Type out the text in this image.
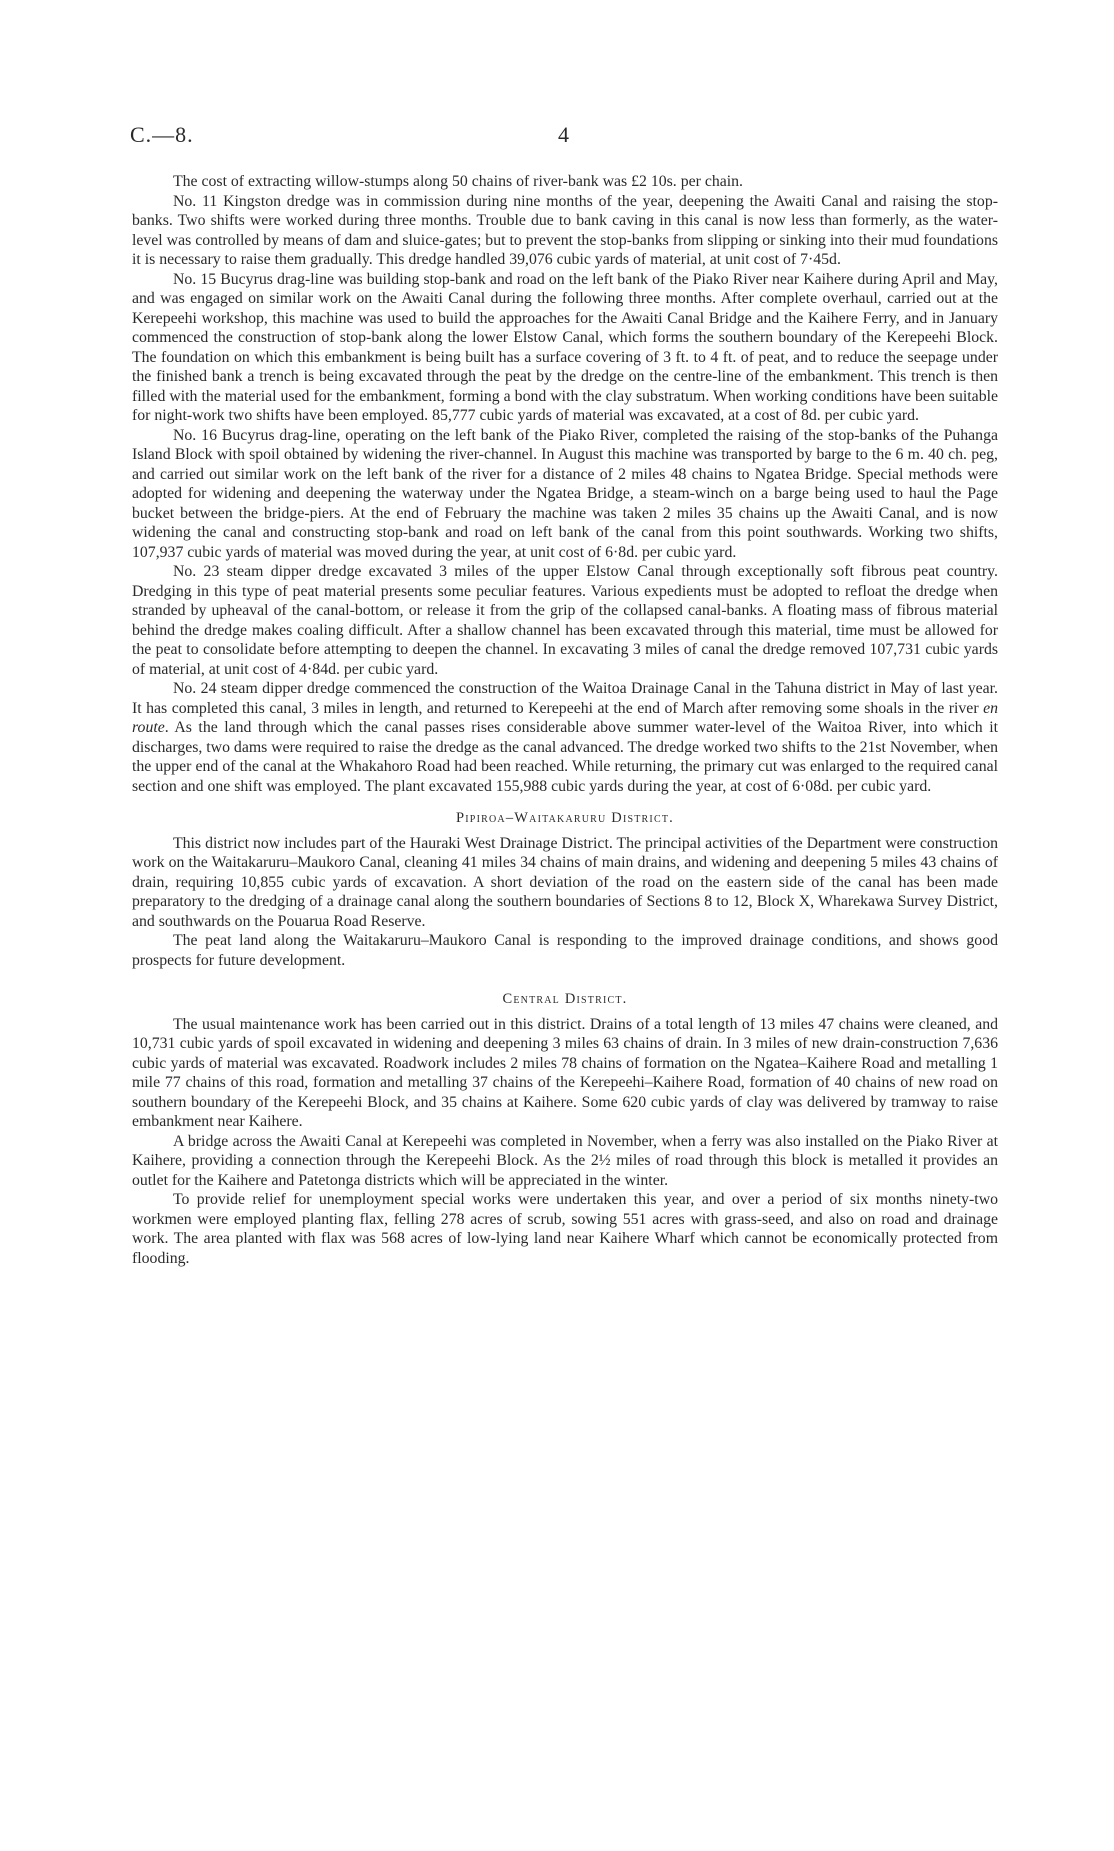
C.—8.	4

The cost of extracting willow-stumps along 50 chains of river-bank was £2 10s. per chain.

No. 11 Kingston dredge was in commission during nine months of the year, deepening the Awaiti Canal and raising the stop-banks. Two shifts were worked during three months. Trouble due to bank caving in this canal is now less than formerly, as the water-level was controlled by means of dam and sluice-gates; but to prevent the stop-banks from slipping or sinking into their mud foundations it is necessary to raise them gradually. This dredge handled 39,076 cubic yards of material, at unit cost of 7·45d.

No. 15 Bucyrus drag-line was building stop-bank and road on the left bank of the Piako River near Kaihere during April and May, and was engaged on similar work on the Awaiti Canal during the following three months. After complete overhaul, carried out at the Kerepeehi workshop, this machine was used to build the approaches for the Awaiti Canal Bridge and the Kaihere Ferry, and in January commenced the construction of stop-bank along the lower Elstow Canal, which forms the southern boundary of the Kerepeehi Block. The foundation on which this embankment is being built has a surface covering of 3 ft. to 4 ft. of peat, and to reduce the seepage under the finished bank a trench is being excavated through the peat by the dredge on the centre-line of the embankment. This trench is then filled with the material used for the embankment, forming a bond with the clay substratum. When working conditions have been suitable for night-work two shifts have been employed. 85,777 cubic yards of material was excavated, at a cost of 8d. per cubic yard.

No. 16 Bucyrus drag-line, operating on the left bank of the Piako River, completed the raising of the stop-banks of the Puhanga Island Block with spoil obtained by widening the river-channel. In August this machine was transported by barge to the 6 m. 40 ch. peg, and carried out similar work on the left bank of the river for a distance of 2 miles 48 chains to Ngatea Bridge. Special methods were adopted for widening and deepening the waterway under the Ngatea Bridge, a steam-winch on a barge being used to haul the Page bucket between the bridge-piers. At the end of February the machine was taken 2 miles 35 chains up the Awaiti Canal, and is now widening the canal and constructing stop-bank and road on left bank of the canal from this point southwards. Working two shifts, 107,937 cubic yards of material was moved during the year, at unit cost of 6·8d. per cubic yard.

No. 23 steam dipper dredge excavated 3 miles of the upper Elstow Canal through exceptionally soft fibrous peat country. Dredging in this type of peat material presents some peculiar features. Various expedients must be adopted to refloat the dredge when stranded by upheaval of the canal-bottom, or release it from the grip of the collapsed canal-banks. A floating mass of fibrous material behind the dredge makes coaling difficult. After a shallow channel has been excavated through this material, time must be allowed for the peat to consolidate before attempting to deepen the channel. In excavating 3 miles of canal the dredge removed 107,731 cubic yards of material, at unit cost of 4·84d. per cubic yard.

No. 24 steam dipper dredge commenced the construction of the Waitoa Drainage Canal in the Tahuna district in May of last year. It has completed this canal, 3 miles in length, and returned to Kerepeehi at the end of March after removing some shoals in the river en route. As the land through which the canal passes rises considerable above summer water-level of the Waitoa River, into which it discharges, two dams were required to raise the dredge as the canal advanced. The dredge worked two shifts to the 21st November, when the upper end of the canal at the Whakahoro Road had been reached. While returning, the primary cut was enlarged to the required canal section and one shift was employed. The plant excavated 155,988 cubic yards during the year, at cost of 6·08d. per cubic yard.

Pipiroa–Waitakaruru District.

This district now includes part of the Hauraki West Drainage District. The principal activities of the Department were construction work on the Waitakaruru–Maukoro Canal, cleaning 41 miles 34 chains of main drains, and widening and deepening 5 miles 43 chains of drain, requiring 10,855 cubic yards of excavation. A short deviation of the road on the eastern side of the canal has been made preparatory to the dredging of a drainage canal along the southern boundaries of Sections 8 to 12, Block X, Wharekawa Survey District, and southwards on the Pouarua Road Reserve.

The peat land along the Waitakaruru–Maukoro Canal is responding to the improved drainage conditions, and shows good prospects for future development.

Central District.

The usual maintenance work has been carried out in this district. Drains of a total length of 13 miles 47 chains were cleaned, and 10,731 cubic yards of spoil excavated in widening and deepening 3 miles 63 chains of drain. In 3 miles of new drain-construction 7,636 cubic yards of material was excavated. Roadwork includes 2 miles 78 chains of formation on the Ngatea–Kaihere Road and metalling 1 mile 77 chains of this road, formation and metalling 37 chains of the Kerepeehi–Kaihere Road, formation of 40 chains of new road on southern boundary of the Kerepeehi Block, and 35 chains at Kaihere. Some 620 cubic yards of clay was delivered by tramway to raise embankment near Kaihere.

A bridge across the Awaiti Canal at Kerepeehi was completed in November, when a ferry was also installed on the Piako River at Kaihere, providing a connection through the Kerepeehi Block. As the 2½ miles of road through this block is metalled it provides an outlet for the Kaihere and Patetonga districts which will be appreciated in the winter.

To provide relief for unemployment special works were undertaken this year, and over a period of six months ninety-two workmen were employed planting flax, felling 278 acres of scrub, sowing 551 acres with grass-seed, and also on road and drainage work. The area planted with flax was 568 acres of low-lying land near Kaihere Wharf which cannot be economically protected from flooding.
